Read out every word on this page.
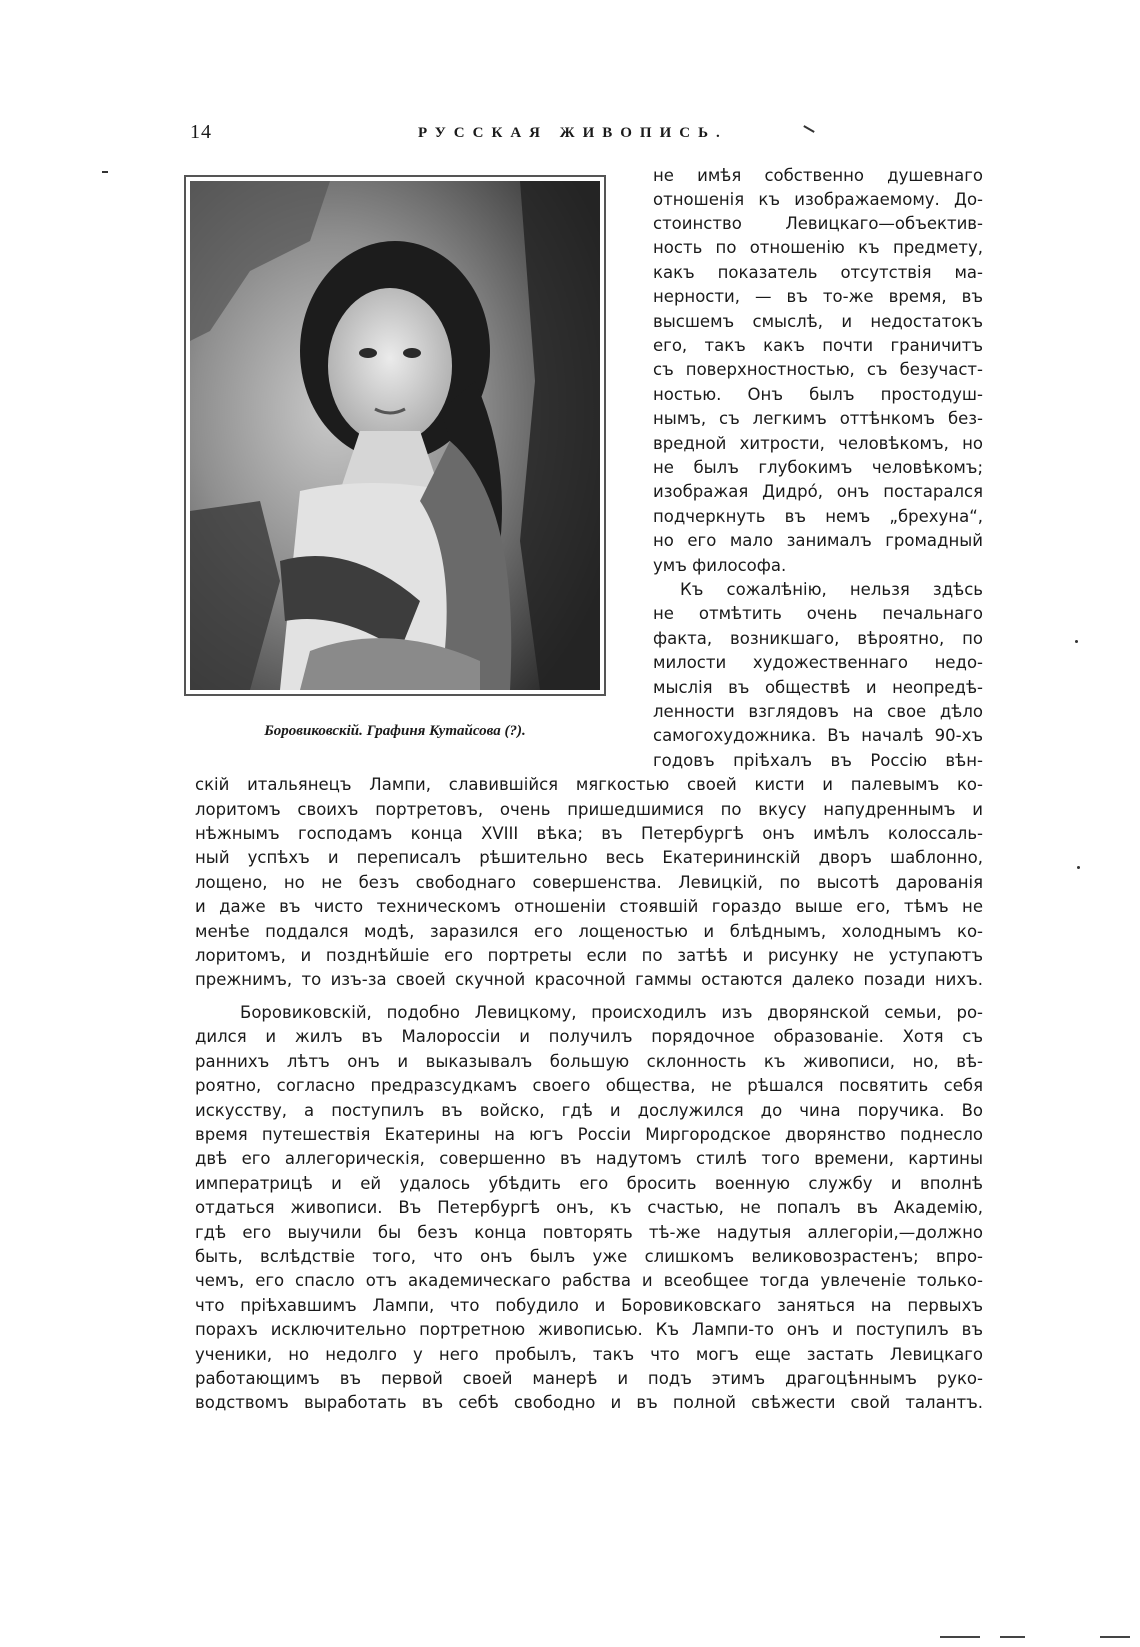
14	РУССКАЯ ЖИВОПИСЬ.
Боровиковскій. Графиня Кутайсова (?).

не имѣя собственно душевнаго

отношенія къ изображаемому. До-

стоинство Левицкаго—объектив-

ность по отношенію къ предмету,

какъ показатель отсутствія ма-

нерности, — въ то-же время, въ

высшемъ смыслѣ, и недостатокъ

его, такъ какъ почти граничитъ

съ поверхностностью, съ безучаст-

ностью. Онъ былъ простодуш-

нымъ, съ легкимъ оттѣнкомъ без-

вредной хитрости, человѣкомъ, но

не былъ глубокимъ человѣкомъ;

изображая Дидро́, онъ постарался

подчеркнуть въ немъ „брехуна“,

но его мало занималъ громадный

умъ философа.

Къ сожалѣнію, нельзя здѣсь

не отмѣтить очень печальнаго

факта, возникшаго, вѣроятно, по

милости художественнаго недо-

мыслія въ обществѣ и неопредѣ-

ленности взглядовъ на свое дѣло

самогохудожника. Въ началѣ 90-хъ

годовъ пріѣхалъ въ Россію вѣн-

скій итальянецъ Лампи, славившійся мягкостью своей кисти и палевымъ ко-

лоритомъ своихъ портретовъ, очень пришедшимися по вкусу напудреннымъ и

нѣжнымъ господамъ конца XVIII вѣка; въ Петербургѣ онъ имѣлъ колоссаль-

ный успѣхъ и переписалъ рѣшительно весь Екатерининскій дворъ шаблонно,

лощено, но не безъ свободнаго совершенства. Левицкій, по высотѣ дарованія

и даже въ чисто техническомъ отношеніи стоявшій гораздо выше его, тѣмъ не

менѣе поддался модѣ, заразился его лощеностью и блѣднымъ, холоднымъ ко-

лоритомъ, и позднѣйшіе его портреты если по затѣѣ и рисунку не уступаютъ

прежнимъ, то изъ-за своей скучной красочной гаммы остаются далеко позади нихъ.

Боровиковскій, подобно Левицкому, происходилъ изъ дворянской семьи, ро-

дился и жилъ въ Малороссіи и получилъ порядочное образованіе. Хотя съ

раннихъ лѣтъ онъ и выказывалъ большую склонность къ живописи, но, вѣ-

роятно, согласно предразсудкамъ своего общества, не рѣшался посвятить себя

искусству, а поступилъ въ войско, гдѣ и дослужился до чина поручика. Во

время путешествія Екатерины на югъ Россіи Миргородское дворянство поднесло

двѣ его аллегорическія, совершенно въ надутомъ стилѣ того времени, картины

императрицѣ и ей удалось убѣдить его бросить военную службу и вполнѣ

отдаться живописи. Въ Петербургѣ онъ, къ счастью, не попалъ въ Академію,

гдѣ его выучили бы безъ конца повторять тѣ-же надутыя аллегоріи,—должно

быть, вслѣдствіе того, что онъ былъ уже слишкомъ великовозрастенъ; впро-

чемъ, его спасло отъ академическаго рабства и всеобщее тогда увлеченіе только-

что пріѣхавшимъ Лампи, что побудило и Боровиковскаго заняться на первыхъ

порахъ исключительно портретною живописью. Къ Лампи-то онъ и поступилъ въ

ученики, но недолго у него пробылъ, такъ что могъ еще застать Левицкаго

работающимъ въ первой своей манерѣ и подъ этимъ драгоцѣннымъ руко-

водствомъ выработать въ себѣ свободно и въ полной свѣжести свой талантъ.
